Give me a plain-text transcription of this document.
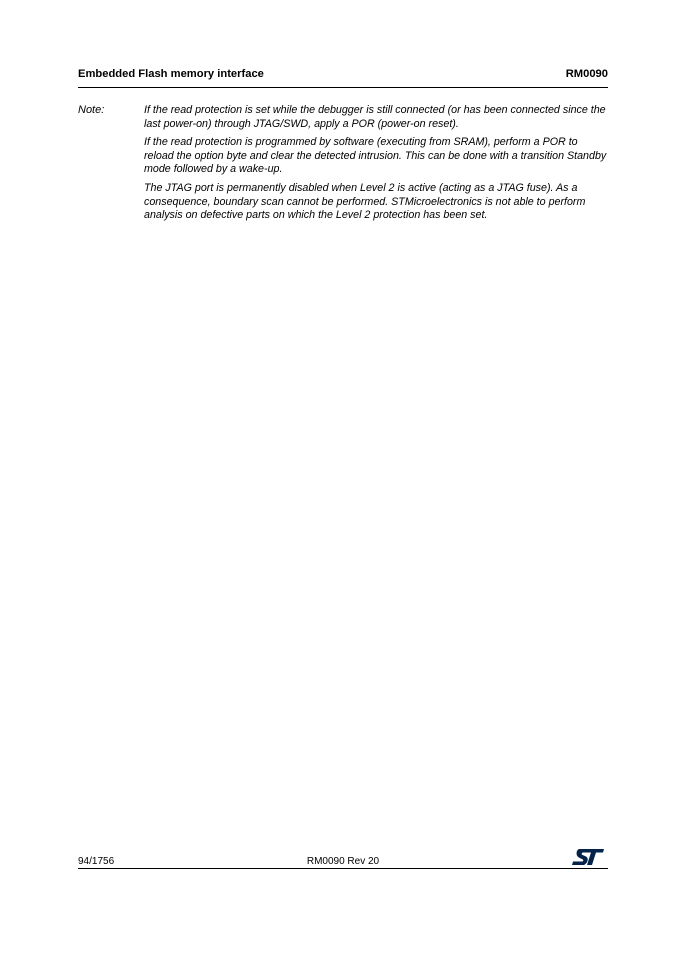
Embedded Flash memory interface	RM0090
Note:	If the read protection is set while the debugger is still connected (or has been connected since the last power-on) through JTAG/SWD, apply a POR (power-on reset).

If the read protection is programmed by software (executing from SRAM), perform a POR to reload the option byte and clear the detected intrusion. This can be done with a transition Standby mode followed by a wake-up.

The JTAG port is permanently disabled when Level 2 is active (acting as a JTAG fuse). As a consequence, boundary scan cannot be performed. STMicroelectronics is not able to perform analysis on defective parts on which the Level 2 protection has been set.

94/1756	RM0090 Rev 20
